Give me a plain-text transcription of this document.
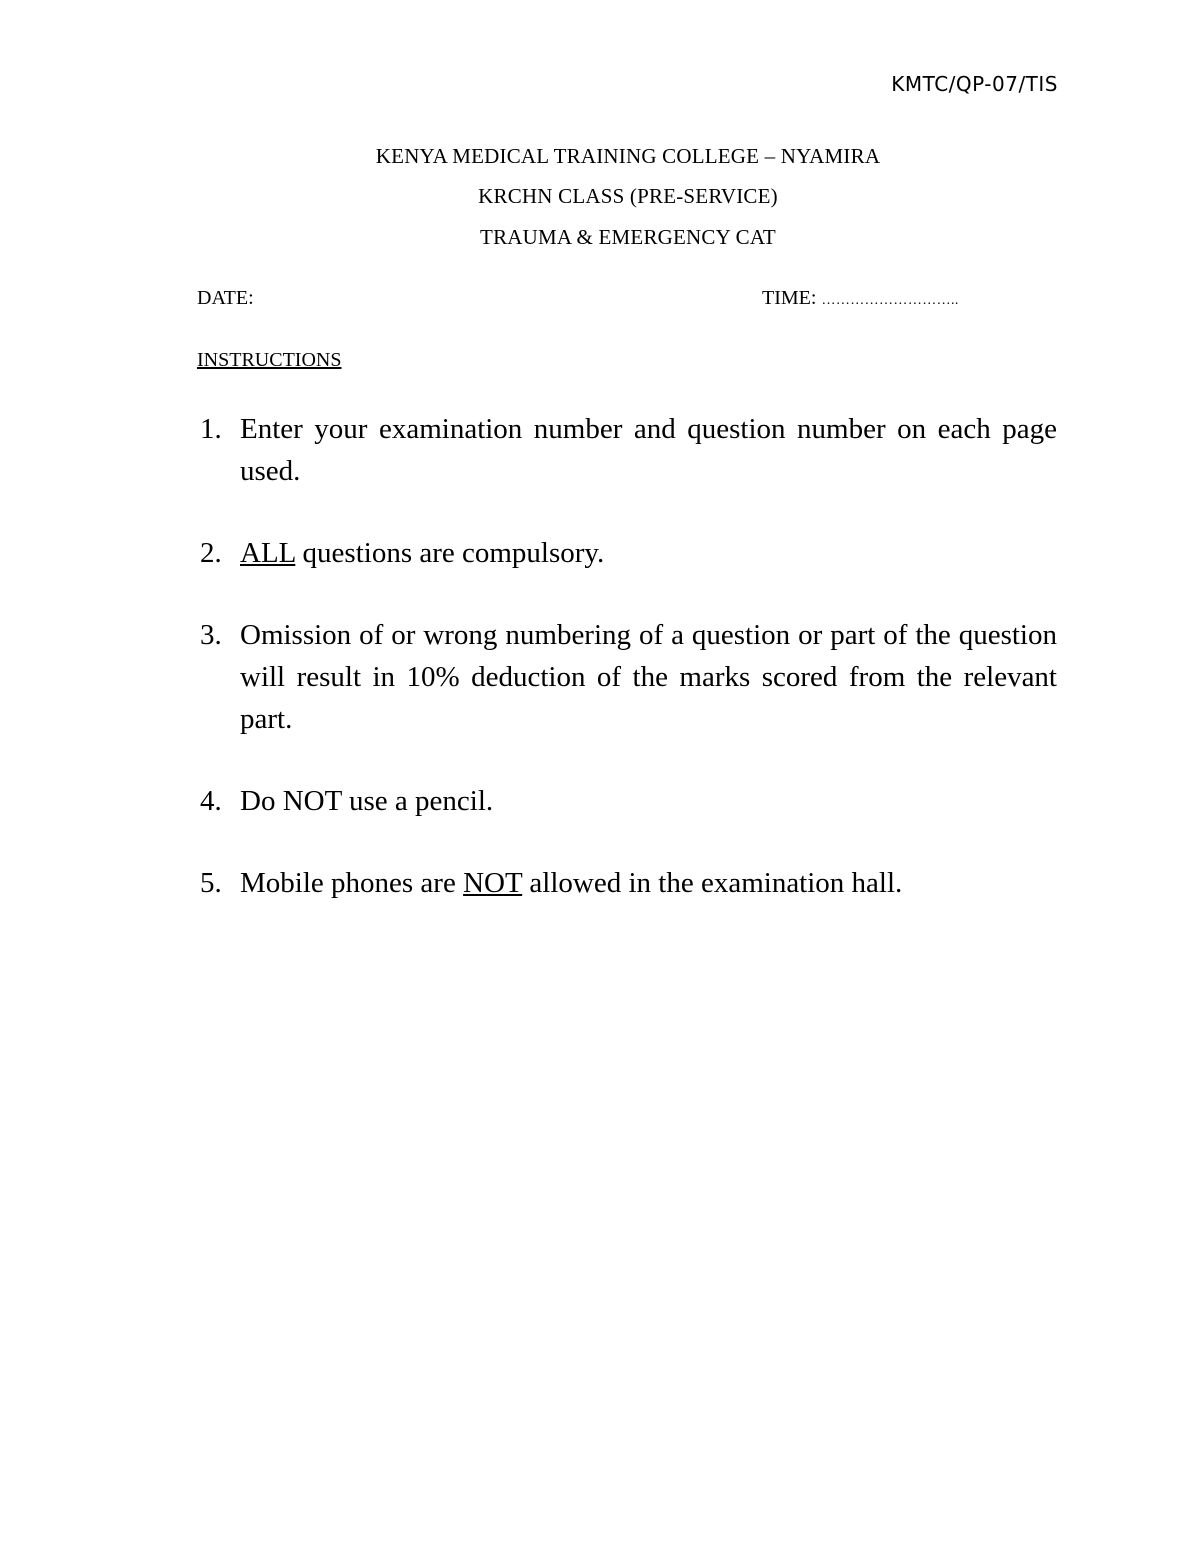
KMTC/QP-07/TIS
KENYA MEDICAL TRAINING COLLEGE – NYAMIRA
KRCHN CLASS (PRE-SERVICE)
TRAUMA & EMERGENCY CAT
DATE:	TIME: ………………………..
INSTRUCTIONS
1. Enter your examination number and question number on each page used.
2. ALL questions are compulsory.
3. Omission of or wrong numbering of a question or part of the question will result in 10% deduction of the marks scored from the relevant part.
4. Do NOT use a pencil.
5. Mobile phones are NOT allowed in the examination hall.
